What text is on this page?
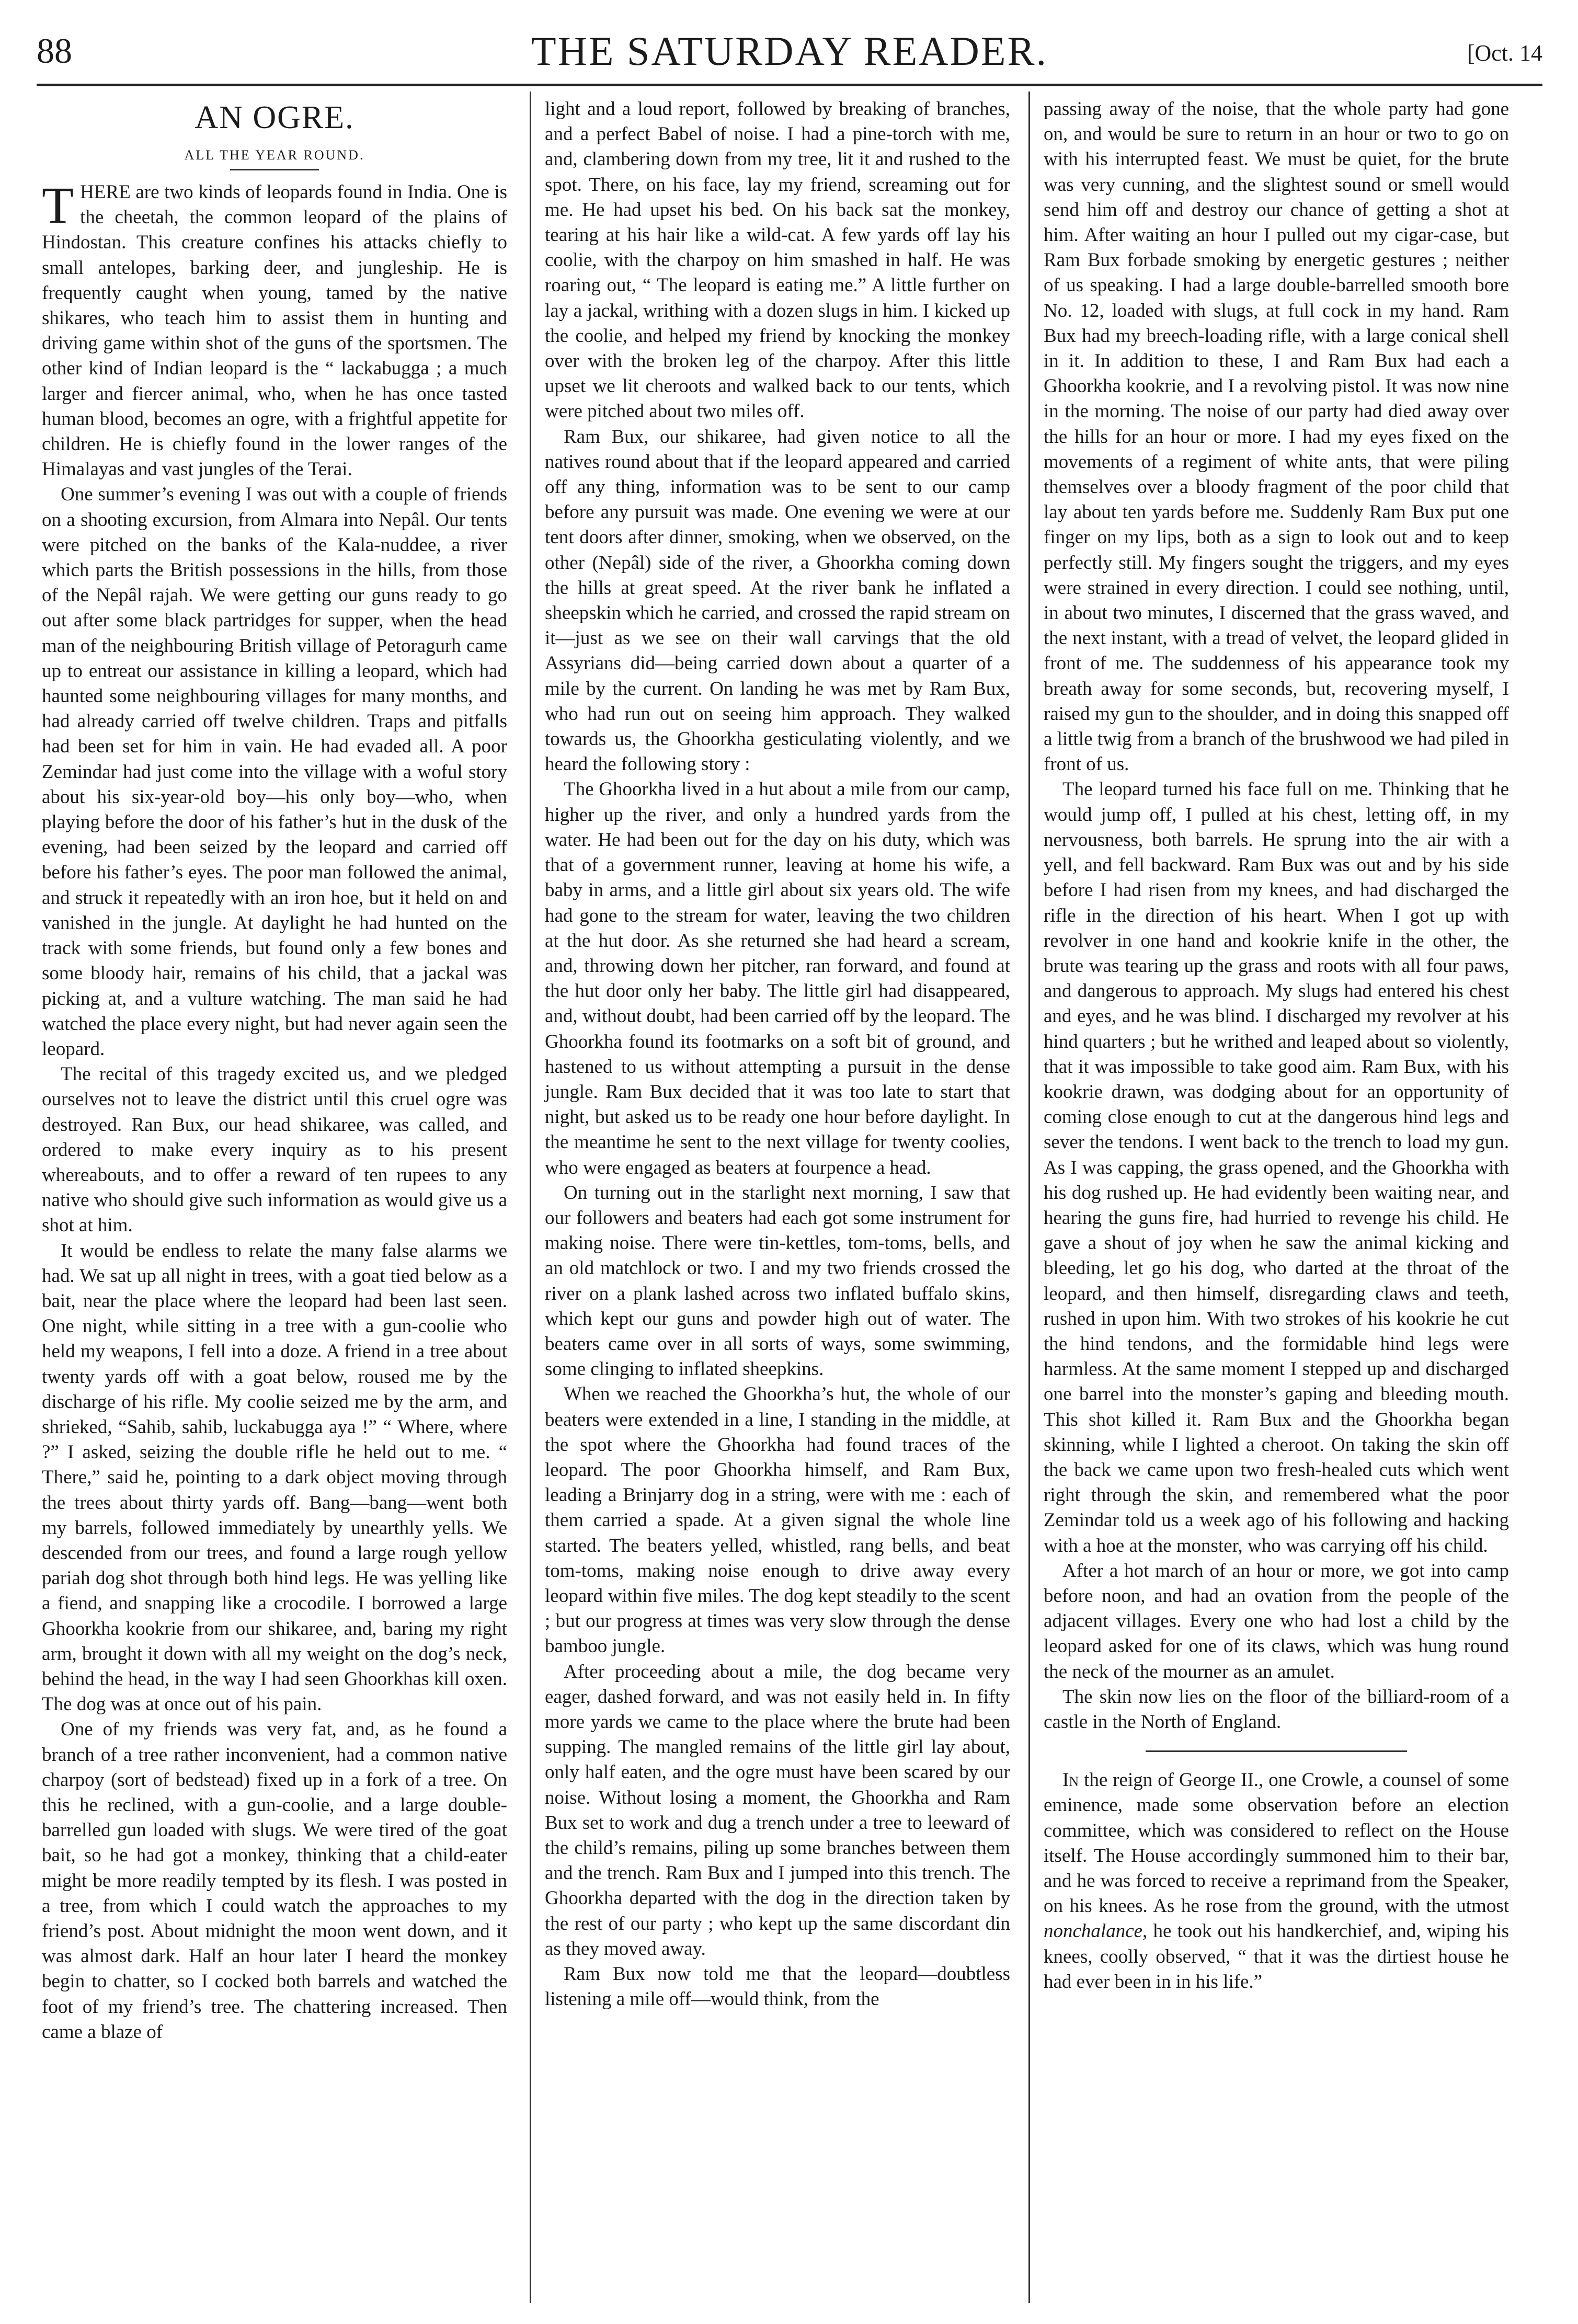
88	THE SATURDAY READER.	[Oct. 14
AN OGRE.
ALL THE YEAR ROUND.

THERE are two kinds of leopards found in India. One is the cheetah, the common leopard of the plains of Hindostan. This creature confines his attacks chiefly to small antelopes, barking deer, and jungleship. He is frequently caught when young, tamed by the native shikares, who teach him to assist them in hunting and driving game within shot of the guns of the sportsmen. The other kind of Indian leopard is the “ lackabugga ; a much larger and fiercer animal, who, when he has once tasted human blood, becomes an ogre, with a frightful appetite for children. He is chiefly found in the lower ranges of the Himalayas and vast jungles of the Terai.

One summer’s evening I was out with a couple of friends on a shooting excursion, from Almara into Nepâl. Our tents were pitched on the banks of the Kala-nuddee, a river which parts the British possessions in the hills, from those of the Nepâl rajah. We were getting our guns ready to go out after some black partridges for supper, when the head man of the neighbouring British village of Petoragurh came up to entreat our assistance in killing a leopard, which had haunted some neighbouring villages for many months, and had already carried off twelve children. Traps and pitfalls had been set for him in vain. He had evaded all. A poor Zemindar had just come into the village with a woful story about his six-year-old boy—his only boy—who, when playing before the door of his father’s hut in the dusk of the evening, had been seized by the leopard and carried off before his father’s eyes. The poor man followed the animal, and struck it repeatedly with an iron hoe, but it held on and vanished in the jungle. At daylight he had hunted on the track with some friends, but found only a few bones and some bloody hair, remains of his child, that a jackal was picking at, and a vulture watching. The man said he had watched the place every night, but had never again seen the leopard.

The recital of this tragedy excited us, and we pledged ourselves not to leave the district until this cruel ogre was destroyed. Ran Bux, our head shikaree, was called, and ordered to make every inquiry as to his present whereabouts, and to offer a reward of ten rupees to any native who should give such information as would give us a shot at him.

It would be endless to relate the many false alarms we had. We sat up all night in trees, with a goat tied below as a bait, near the place where the leopard had been last seen. One night, while sitting in a tree with a gun-coolie who held my weapons, I fell into a doze. A friend in a tree about twenty yards off with a goat below, roused me by the discharge of his rifle. My coolie seized me by the arm, and shrieked, “Sahib, sahib, luckabugga aya !” “ Where, where ?” I asked, seizing the double rifle he held out to me. “ There,” said he, pointing to a dark object moving through the trees about thirty yards off. Bang—bang—went both my barrels, followed immediately by unearthly yells. We descended from our trees, and found a large rough yellow pariah dog shot through both hind legs. He was yelling like a fiend, and snapping like a crocodile. I borrowed a large Ghoorkha kookrie from our shikaree, and, baring my right arm, brought it down with all my weight on the dog’s neck, behind the head, in the way I had seen Ghoorkhas kill oxen. The dog was at once out of his pain.

One of my friends was very fat, and, as he found a branch of a tree rather inconvenient, had a common native charpoy (sort of bedstead) fixed up in a fork of a tree. On this he reclined, with a gun-coolie, and a large double-barrelled gun loaded with slugs. We were tired of the goat bait, so he had got a monkey, thinking that a child-eater might be more readily tempted by its flesh. I was posted in a tree, from which I could watch the approaches to my friend’s post. About midnight the moon went down, and it was almost dark. Half an hour later I heard the monkey begin to chatter, so I cocked both barrels and watched the foot of my friend’s tree. The chattering increased. Then came a blaze of

light and a loud report, followed by breaking of branches, and a perfect Babel of noise. I had a pine-torch with me, and, clambering down from my tree, lit it and rushed to the spot. There, on his face, lay my friend, screaming out for me. He had upset his bed. On his back sat the monkey, tearing at his hair like a wild-cat. A few yards off lay his coolie, with the charpoy on him smashed in half. He was roaring out, “ The leopard is eating me.” A little further on lay a jackal, writhing with a dozen slugs in him. I kicked up the coolie, and helped my friend by knocking the monkey over with the broken leg of the charpoy. After this little upset we lit cheroots and walked back to our tents, which were pitched about two miles off.

Ram Bux, our shikaree, had given notice to all the natives round about that if the leopard appeared and carried off any thing, information was to be sent to our camp before any pursuit was made. One evening we were at our tent doors after dinner, smoking, when we observed, on the other (Nepâl) side of the river, a Ghoorkha coming down the hills at great speed. At the river bank he inflated a sheepskin which he carried, and crossed the rapid stream on it—just as we see on their wall carvings that the old Assyrians did—being carried down about a quarter of a mile by the current. On landing he was met by Ram Bux, who had run out on seeing him approach. They walked towards us, the Ghoorkha gesticulating violently, and we heard the following story :

The Ghoorkha lived in a hut about a mile from our camp, higher up the river, and only a hundred yards from the water. He had been out for the day on his duty, which was that of a government runner, leaving at home his wife, a baby in arms, and a little girl about six years old. The wife had gone to the stream for water, leaving the two children at the hut door. As she returned she had heard a scream, and, throwing down her pitcher, ran forward, and found at the hut door only her baby. The little girl had disappeared, and, without doubt, had been carried off by the leopard. The Ghoorkha found its footmarks on a soft bit of ground, and hastened to us without attempting a pursuit in the dense jungle. Ram Bux decided that it was too late to start that night, but asked us to be ready one hour before daylight. In the meantime he sent to the next village for twenty coolies, who were engaged as beaters at fourpence a head.

On turning out in the starlight next morning, I saw that our followers and beaters had each got some instrument for making noise. There were tin-kettles, tom-toms, bells, and an old matchlock or two. I and my two friends crossed the river on a plank lashed across two inflated buffalo skins, which kept our guns and powder high out of water. The beaters came over in all sorts of ways, some swimming, some clinging to inflated sheepkins.

When we reached the Ghoorkha’s hut, the whole of our beaters were extended in a line, I standing in the middle, at the spot where the Ghoorkha had found traces of the leopard. The poor Ghoorkha himself, and Ram Bux, leading a Brinjarry dog in a string, were with me : each of them carried a spade. At a given signal the whole line started. The beaters yelled, whistled, rang bells, and beat tom-toms, making noise enough to drive away every leopard within five miles. The dog kept steadily to the scent ; but our progress at times was very slow through the dense bamboo jungle.

After proceeding about a mile, the dog became very eager, dashed forward, and was not easily held in. In fifty more yards we came to the place where the brute had been supping. The mangled remains of the little girl lay about, only half eaten, and the ogre must have been scared by our noise. Without losing a moment, the Ghoorkha and Ram Bux set to work and dug a trench under a tree to leeward of the child’s remains, piling up some branches between them and the trench. Ram Bux and I jumped into this trench. The Ghoorkha departed with the dog in the direction taken by the rest of our party ; who kept up the same discordant din as they moved away.

Ram Bux now told me that the leopard—doubtless listening a mile off—would think, from the

passing away of the noise, that the whole party had gone on, and would be sure to return in an hour or two to go on with his interrupted feast. We must be quiet, for the brute was very cunning, and the slightest sound or smell would send him off and destroy our chance of getting a shot at him. After waiting an hour I pulled out my cigar-case, but Ram Bux forbade smoking by energetic gestures ; neither of us speaking. I had a large double-barrelled smooth bore No. 12, loaded with slugs, at full cock in my hand. Ram Bux had my breech-loading rifle, with a large conical shell in it. In addition to these, I and Ram Bux had each a Ghoorkha kookrie, and I a revolving pistol. It was now nine in the morning. The noise of our party had died away over the hills for an hour or more. I had my eyes fixed on the movements of a regiment of white ants, that were piling themselves over a bloody fragment of the poor child that lay about ten yards before me. Suddenly Ram Bux put one finger on my lips, both as a sign to look out and to keep perfectly still. My fingers sought the triggers, and my eyes were strained in every direction. I could see nothing, until, in about two minutes, I discerned that the grass waved, and the next instant, with a tread of velvet, the leopard glided in front of me. The suddenness of his appearance took my breath away for some seconds, but, recovering myself, I raised my gun to the shoulder, and in doing this snapped off a little twig from a branch of the brushwood we had piled in front of us.

The leopard turned his face full on me. Thinking that he would jump off, I pulled at his chest, letting off, in my nervousness, both barrels. He sprung into the air with a yell, and fell backward. Ram Bux was out and by his side before I had risen from my knees, and had discharged the rifle in the direction of his heart. When I got up with revolver in one hand and kookrie knife in the other, the brute was tearing up the grass and roots with all four paws, and dangerous to approach. My slugs had entered his chest and eyes, and he was blind. I discharged my revolver at his hind quarters ; but he writhed and leaped about so violently, that it was impossible to take good aim. Ram Bux, with his kookrie drawn, was dodging about for an opportunity of coming close enough to cut at the dangerous hind legs and sever the tendons. I went back to the trench to load my gun. As I was capping, the grass opened, and the Ghoorkha with his dog rushed up. He had evidently been waiting near, and hearing the guns fire, had hurried to revenge his child. He gave a shout of joy when he saw the animal kicking and bleeding, let go his dog, who darted at the throat of the leopard, and then himself, disregarding claws and teeth, rushed in upon him. With two strokes of his kookrie he cut the hind tendons, and the formidable hind legs were harmless. At the same moment I stepped up and discharged one barrel into the monster’s gaping and bleeding mouth. This shot killed it. Ram Bux and the Ghoorkha began skinning, while I lighted a cheroot. On taking the skin off the back we came upon two fresh-healed cuts which went right through the skin, and remembered what the poor Zemindar told us a week ago of his following and hacking with a hoe at the monster, who was carrying off his child.

After a hot march of an hour or more, we got into camp before noon, and had an ovation from the people of the adjacent villages. Every one who had lost a child by the leopard asked for one of its claws, which was hung round the neck of the mourner as an amulet.

The skin now lies on the floor of the billiard-room of a castle in the North of England.

In the reign of George II., one Crowle, a counsel of some eminence, made some observation before an election committee, which was considered to reflect on the House itself. The House accordingly summoned him to their bar, and he was forced to receive a reprimand from the Speaker, on his knees. As he rose from the ground, with the utmost nonchalance, he took out his handkerchief, and, wiping his knees, coolly observed, “ that it was the dirtiest house he had ever been in in his life.”
